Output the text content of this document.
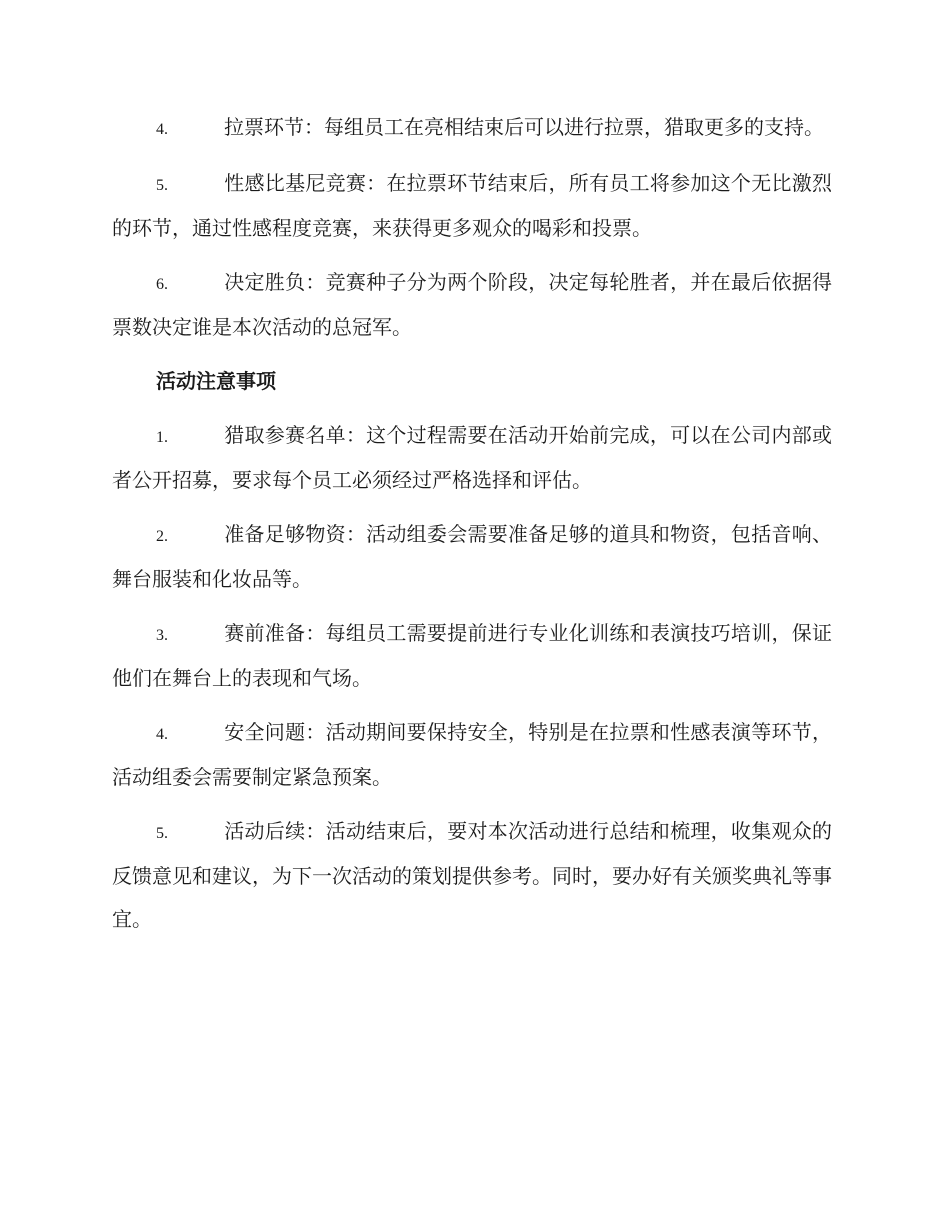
4.	拉票环节：每组员工在亮相结束后可以进行拉票，猎取更多的支持。

5.	性感比基尼竞赛：在拉票环节结束后，所有员工将参加这个无比激烈的环节，通过性感程度竞赛，来获得更多观众的喝彩和投票。

6.	决定胜负：竞赛种子分为两个阶段，决定每轮胜者，并在最后依据得票数决定谁是本次活动的总冠军。

活动注意事项

1.	猎取参赛名单：这个过程需要在活动开始前完成，可以在公司内部或者公开招募，要求每个员工必须经过严格选择和评估。

2.	准备足够物资：活动组委会需要准备足够的道具和物资，包括音响、舞台服装和化妆品等。

3.	赛前准备：每组员工需要提前进行专业化训练和表演技巧培训，保证他们在舞台上的表现和气场。

4.	安全问题：活动期间要保持安全，特别是在拉票和性感表演等环节，活动组委会需要制定紧急预案。

5.	活动后续：活动结束后，要对本次活动进行总结和梳理，收集观众的反馈意见和建议，为下一次活动的策划提供参考。同时，要办好有关颁奖典礼等事宜。
